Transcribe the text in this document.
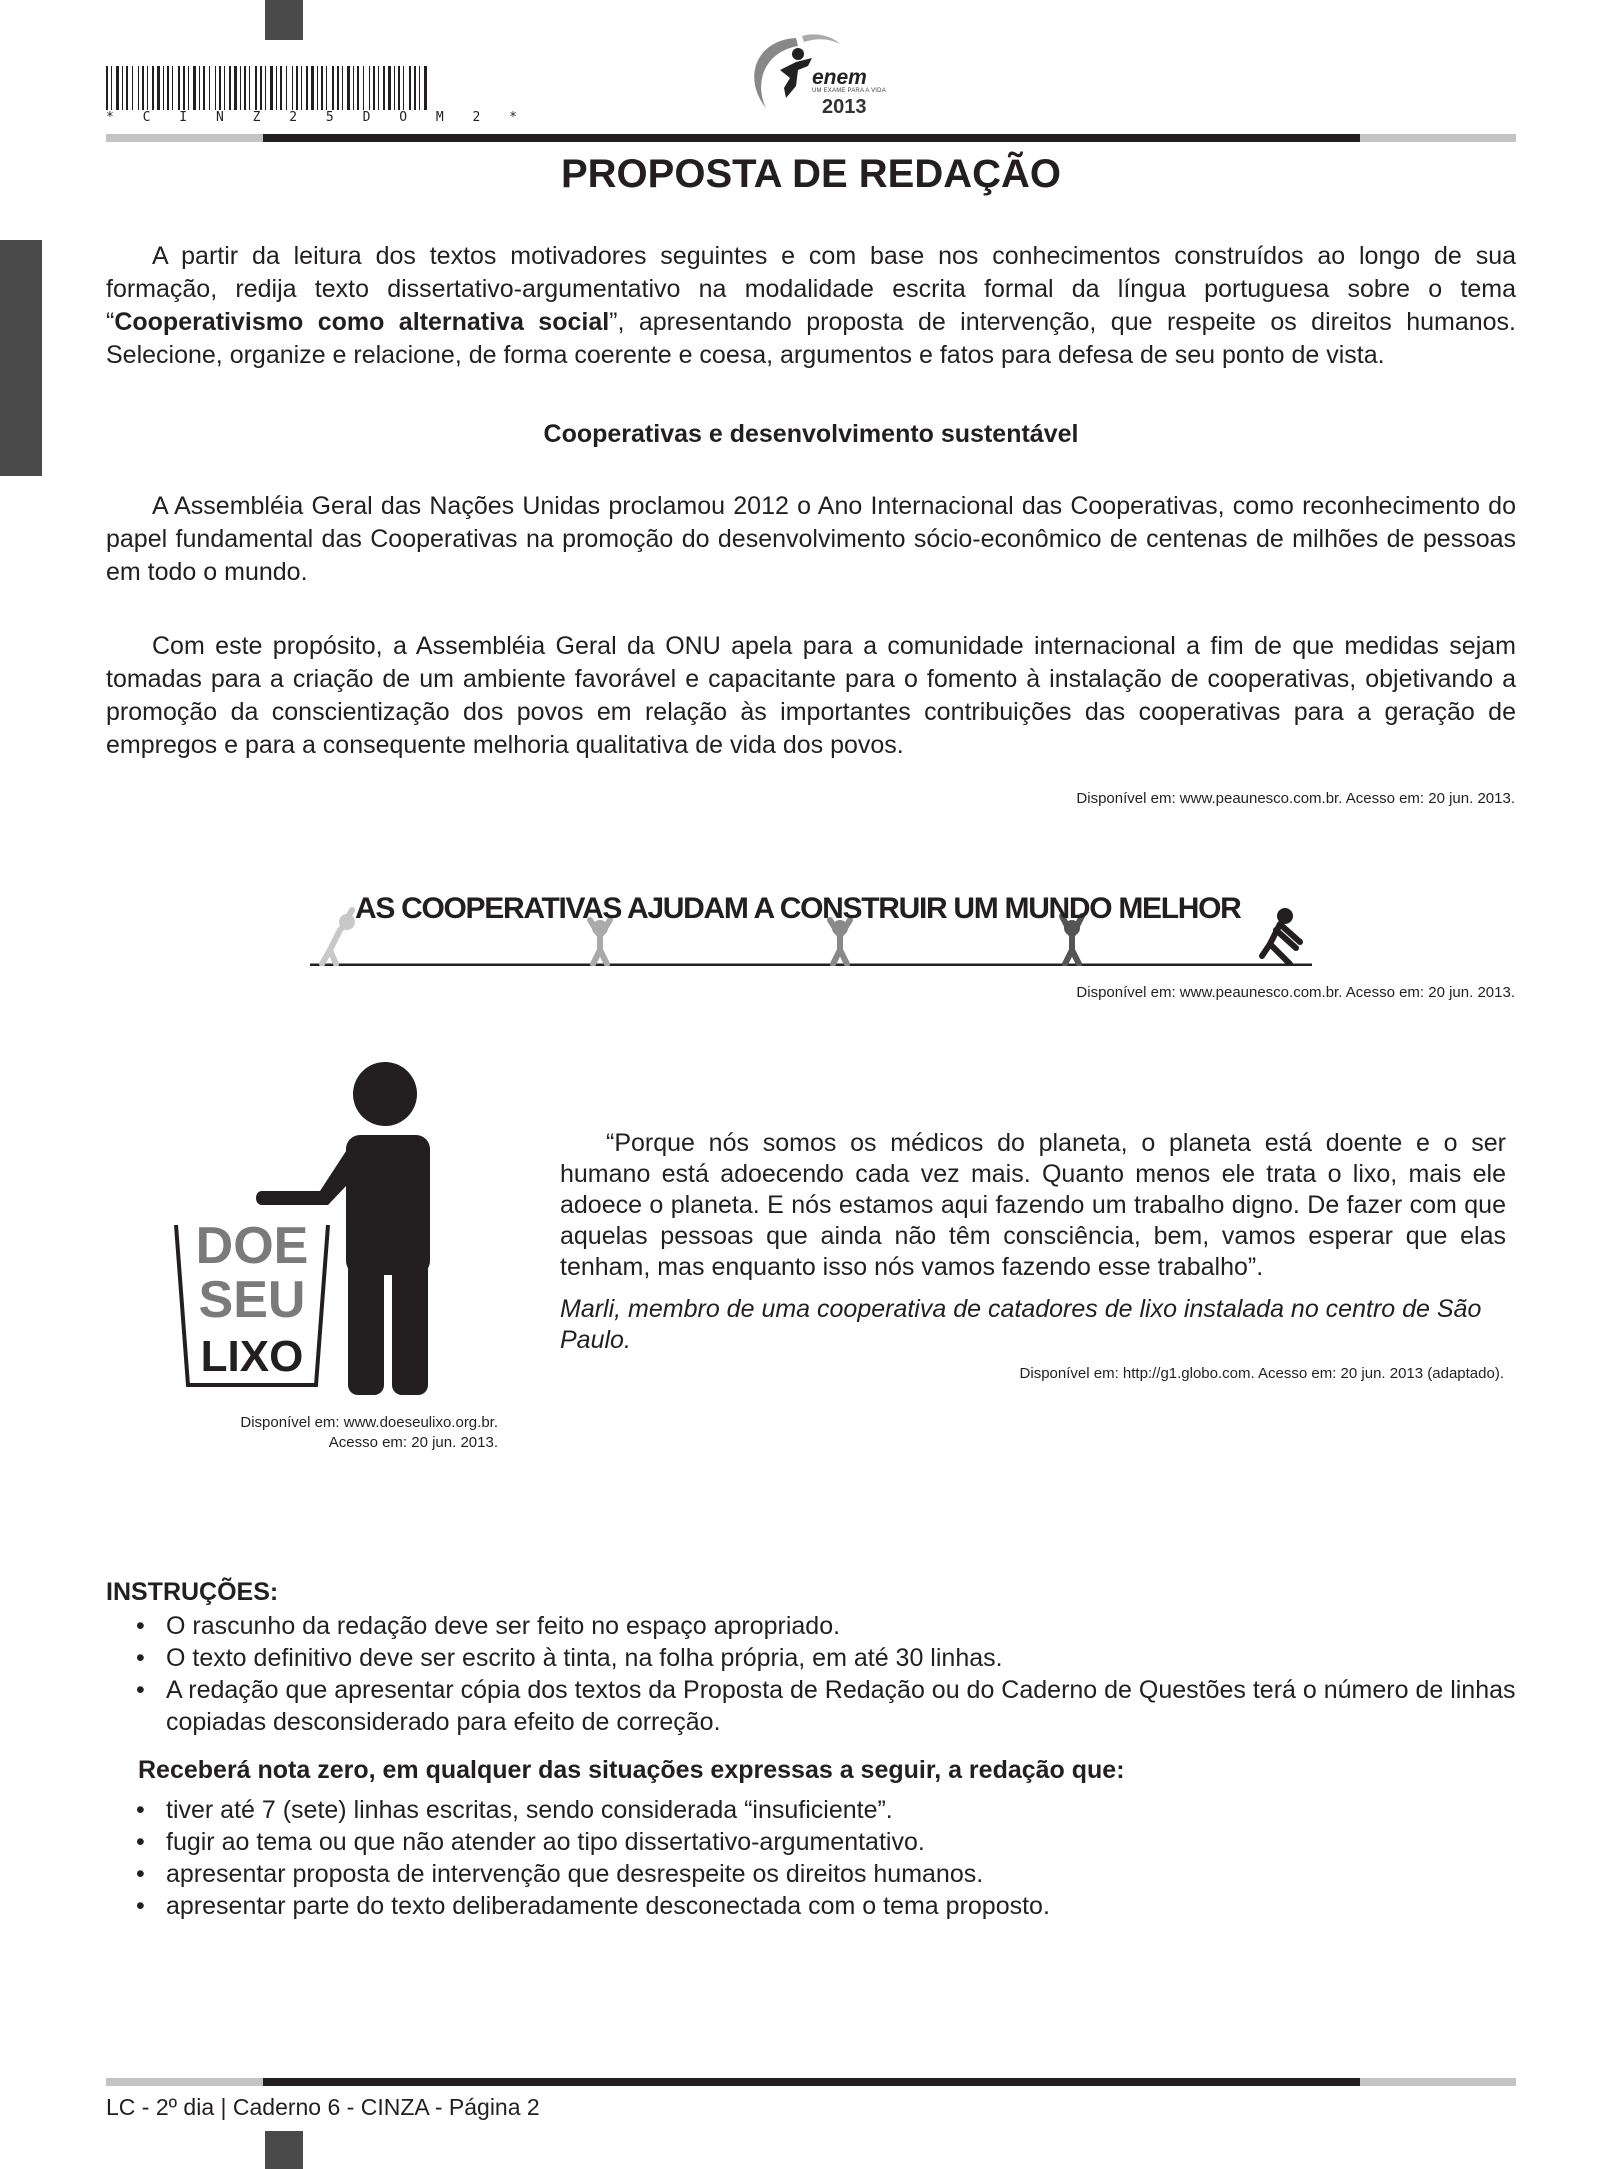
* C I N Z 2 5 D O M 2 *
enem
UM EXAME PARA A VIDA
2013
PROPOSTA DE REDAÇÃO

A partir da leitura dos textos motivadores seguintes e com base nos conhecimentos construídos ao longo de sua formação, redija texto dissertativo-argumentativo na modalidade escrita formal da língua portuguesa sobre o tema “Cooperativismo como alternativa social”, apresentando proposta de intervenção, que respeite os direitos humanos. Selecione, organize e relacione, de forma coerente e coesa, argumentos e fatos para defesa de seu ponto de vista.

Cooperativas e desenvolvimento sustentável

A Assembléia Geral das Nações Unidas proclamou 2012 o Ano Internacional das Cooperativas, como reconhecimento do papel fundamental das Cooperativas na promoção do desenvolvimento sócio-econômico de centenas de milhões de pessoas em todo o mundo.

Com este propósito, a Assembléia Geral da ONU apela para a comunidade internacional a fim de que medidas sejam tomadas para a criação de um ambiente favorável e capacitante para o fomento à instalação de cooperativas, objetivando a promoção da conscientização dos povos em relação às importantes contribuições das cooperativas para a geração de empregos e para a consequente melhoria qualitativa de vida dos povos.

Disponível em: www.peaunesco.com.br. Acesso em: 20 jun. 2013.
AS COOPERATIVAS AJUDAM A CONSTRUIR UM MUNDO MELHOR
Disponível em: www.peaunesco.com.br. Acesso em: 20 jun. 2013.
DOE
SEU
LIXO
Disponível em: www.doeseulixo.org.br.
Acesso em: 20 jun. 2013.

“Porque nós somos os médicos do planeta, o planeta está doente e o ser humano está adoecendo cada vez mais. Quanto menos ele trata o lixo, mais ele adoece o planeta. E nós estamos aqui fazendo um trabalho digno. De fazer com que aquelas pessoas que ainda não têm consciência, bem, vamos esperar que elas tenham, mas enquanto isso nós vamos fazendo esse trabalho”.

Marli, membro de uma cooperativa de catadores de lixo instalada no centro de São Paulo.

Disponível em: http://g1.globo.com. Acesso em: 20 jun. 2013 (adaptado).
INSTRUÇÕES:
• O rascunho da redação deve ser feito no espaço apropriado.
• O texto definitivo deve ser escrito à tinta, na folha própria, em até 30 linhas.
• A redação que apresentar cópia dos textos da Proposta de Redação ou do Caderno de Questões terá o número de linhas copiadas desconsiderado para efeito de correção.
Receberá nota zero, em qualquer das situações expressas a seguir, a redação que:
• tiver até 7 (sete) linhas escritas, sendo considerada “insuficiente”.
• fugir ao tema ou que não atender ao tipo dissertativo-argumentativo.
• apresentar proposta de intervenção que desrespeite os direitos humanos.
• apresentar parte do texto deliberadamente desconectada com o tema proposto.
LC - 2º dia | Caderno 6 - CINZA - Página 2
